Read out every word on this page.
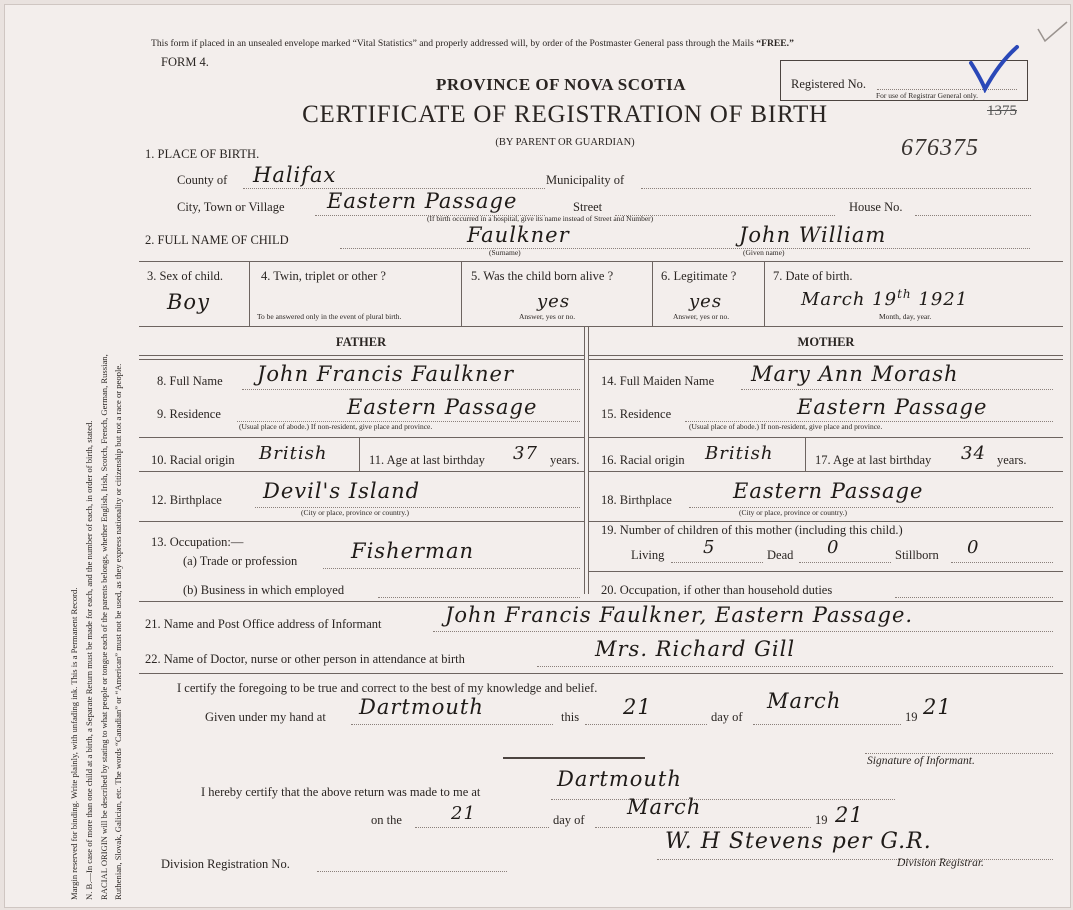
Margin reserved for binding. Write plainly, with unfading ink. This is a Permanent Record. N. B.—In case of more than one child at a birth, a Separate Return must be made for each, and the number of each, in order of birth, stated. RACIAL ORIGIN will be described by stating to what people or tongue each of the parents belongs, whether English, Irish, Scotch, French, German, Russian, Ruthenian, Slovak, Galician, etc. The words “Canadian” or “American” must not be used, as they express nationality or citizenship but not a race or people.
This form if placed in an unsealed envelope marked “Vital Statistics” and properly addressed will, by order of the Postmaster General pass through the Mails “FREE.”
FORM 4.
Registered No.
For use of Registrar General only.
1375
676375
PROVINCE OF NOVA SCOTIA
CERTIFICATE OF REGISTRATION OF BIRTH
(BY PARENT OR GUARDIAN)
1. PLACE OF BIRTH.
County of Halifax	Municipality of
City, Town or Village Eastern Passage	Street	House No.
(If birth occurred in a hospital, give its name instead of Street and Number)
2. FULL NAME OF CHILD	Faulkner	John William
(Surname)	(Given name)
3. Sex of child.
Boy
4. Twin, triplet or other ?
To be answered only in the event of plural birth.
5. Was the child born alive ?
yes
Answer, yes or no.
6. Legitimate ?
yes
Answer, yes or no.
7. Date of birth.
March 19th 1921
Month, day, year.
FATHER	MOTHER
8. Full Name John Francis Faulkner
9. Residence	Eastern Passage
(Usual place of abode.) If non-resident, give place and province.
10. Racial origin British	11. Age at last birthday 37 years.
12. Birthplace Devil's Island
(City or place, province or country.)
13. Occupation:—
(a) Trade or profession	Fisherman
(b) Business in which employed
14. Full Maiden Name Mary Ann Morash
15. Residence	Eastern Passage
(Usual place of abode.) If non-resident, give place and province.
16. Racial origin British	17. Age at last birthday 34 years.
18. Birthplace	Eastern Passage
(City or place, province or country.)
19. Number of children of this mother (including this child.)
Living 5	Dead 0	Stillborn 0
20. Occupation, if other than household duties
21. Name and Post Office address of Informant	John Francis Faulkner, Eastern Passage.
22. Name of Doctor, nurse or other person in attendance at birth	Mrs. Richard Gill
I certify the foregoing to be true and correct to the best of my knowledge and belief.
Given under my hand at Dartmouth	this 21	day of
March
19 21
Signature of Informant.
I hereby certify that the above return was made to me at
Dartmouth
on the	21	day of
March
19 21
Division Registration No.
W. H Stevens per G.R.
Division Registrar.
